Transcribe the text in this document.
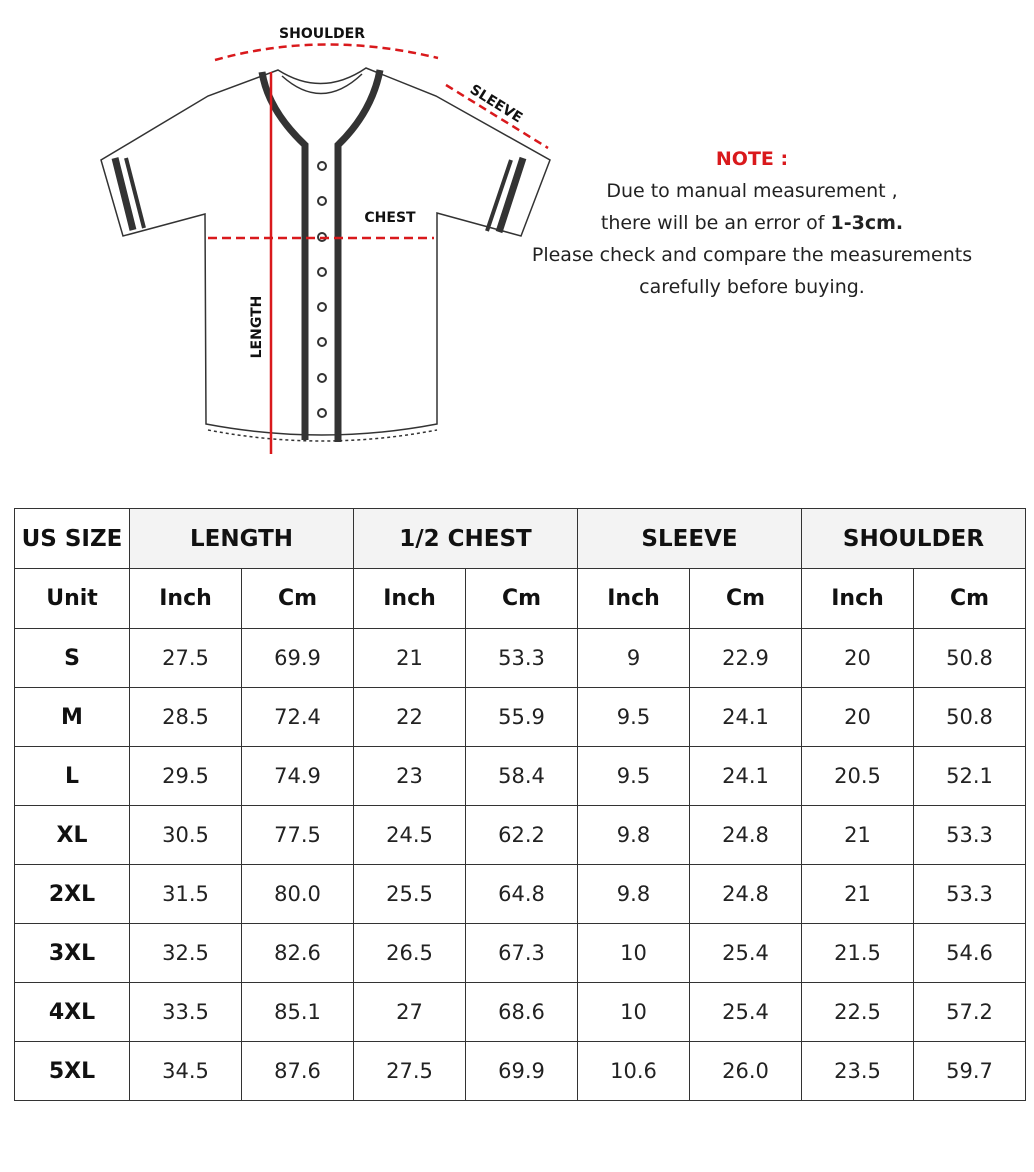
SHOULDER
SLEEVE
CHEST
LENGTH
NOTE :
Due to manual measurement ,
there will be an error of 1-3cm.
Please check and compare the measurements
carefully before buying.
US SIZE	LENGTH		1/2 CHEST		SLEEVE		SHOULDER	
Unit	Inch	Cm	Inch	Cm	Inch	Cm	Inch	Cm
S	27.5	69.9	21	53.3	9	22.9	20	50.8
M	28.5	72.4	22	55.9	9.5	24.1	20	50.8
L	29.5	74.9	23	58.4	9.5	24.1	20.5	52.1
XL	30.5	77.5	24.5	62.2	9.8	24.8	21	53.3
2XL	31.5	80.0	25.5	64.8	9.8	24.8	21	53.3
3XL	32.5	82.6	26.5	67.3	10	25.4	21.5	54.6
4XL	33.5	85.1	27	68.6	10	25.4	22.5	57.2
5XL	34.5	87.6	27.5	69.9	10.6	26.0	23.5	59.7
